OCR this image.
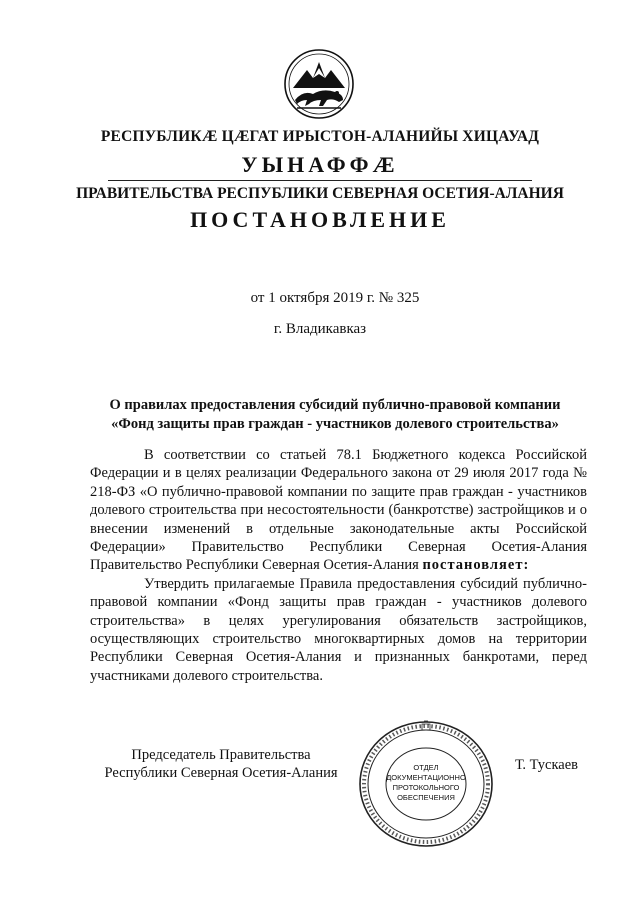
РЕСПУБЛИКӔ ЦӔГАТ ИРЫСТОН-АЛАНИЙЫ ХИЦАУАД
УЫНАФФӔ
ПРАВИТЕЛЬСТВА РЕСПУБЛИКИ СЕВЕРНАЯ ОСЕТИЯ-АЛАНИЯ
ПОСТАНОВЛЕНИЕ
от 1 октября 2019 г. № 325
г. Владикавказ
О правилах предоставления субсидий публично-правовой компании
«Фонд защиты прав граждан - участников долевого строительства»

В соответствии со статьей 78.1 Бюджетного кодекса Российской Федерации и в целях реализации Федерального закона от 29 июля 2017 года № 218-ФЗ «О публично-правовой компании по защите прав граждан - участников долевого строительства при несостоятельности (банкротстве) застройщиков и о внесении изменений в отдельные законодательные акты Российской Федерации» Правительство Республики Северная Осетия-Алания Правительство Республики Северная Осетия-Алания постановляет:

Утвердить прилагаемые Правила предоставления субсидий публично-правовой компании «Фонд защиты прав граждан - участников долевого строительства» в целях урегулирования обязательств застройщиков, осуществляющих строительство многоквартирных домов на территории Республики Северная Осетия-Алания и признанных банкротами, перед участниками долевого строительства.

Председатель Правительства
Республики Северная Осетия-Алания	ОТДЕЛ
ДОКУМЕНТАЦИОННО
ПРОТОКОЛЬНОГО
ОБЕСПЕЧЕНИЯ
Т. Тускаев
